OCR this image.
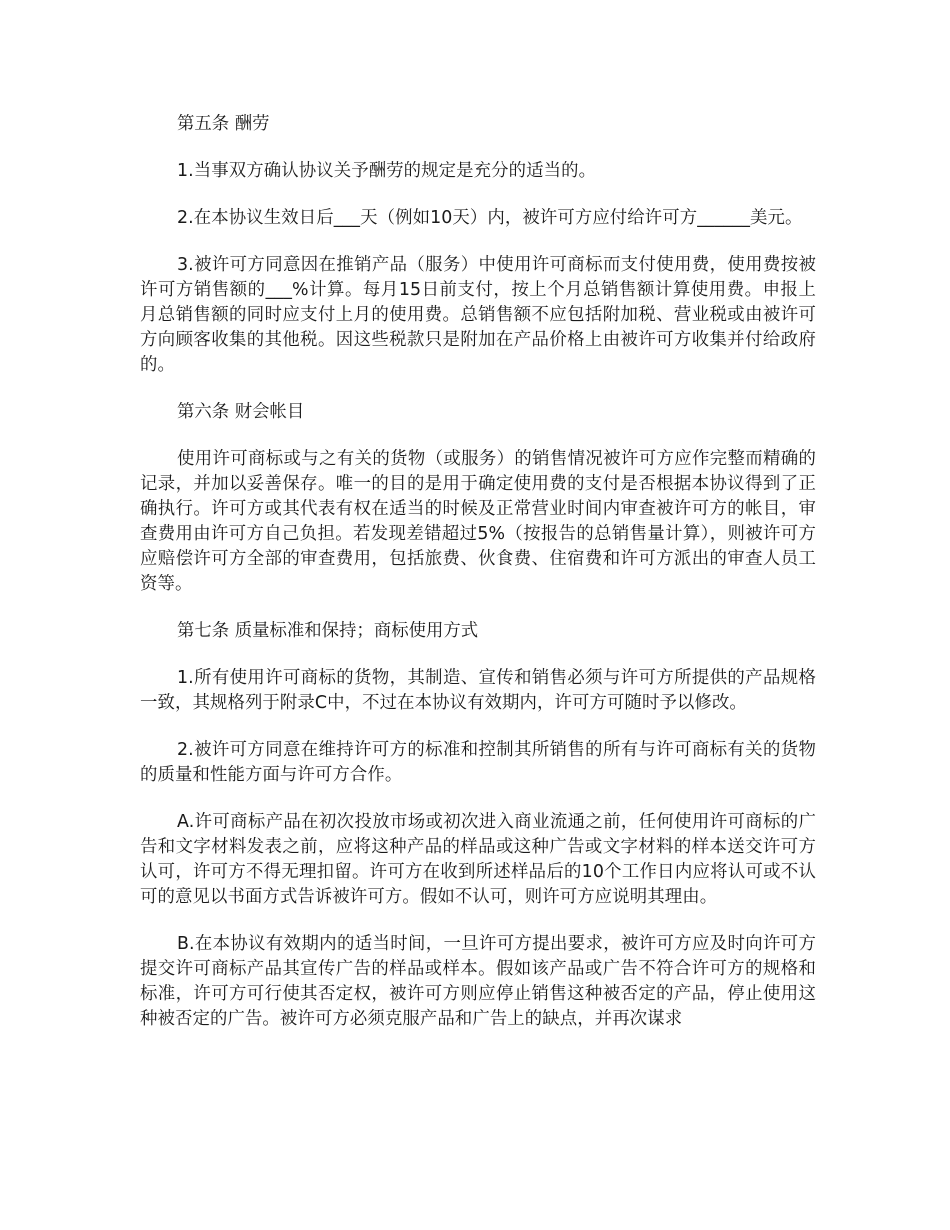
第五条 酬劳
1.当事双方确认协议关予酬劳的规定是充分的适当的。
2.在本协议生效日后___天（例如10天）内，被许可方应付给许可方______美元。
3.被许可方同意因在推销产品（服务）中使用许可商标而支付使用费，使用费按被许可方销售额的___%计算。每月15日前支付，按上个月总销售额计算使用费。申报上月总销售额的同时应支付上月的使用费。总销售额不应包括附加税、营业税或由被许可方向顾客收集的其他税。因这些税款只是附加在产品价格上由被许可方收集并付给政府的。
第六条 财会帐目
使用许可商标或与之有关的货物（或服务）的销售情况被许可方应作完整而精确的记录，并加以妥善保存。唯一的目的是用于确定使用费的支付是否根据本协议得到了正确执行。许可方或其代表有权在适当的时候及正常营业时间内审查被许可方的帐目，审查费用由许可方自己负担。若发现差错超过5%（按报告的总销售量计算），则被许可方应赔偿许可方全部的审查费用，包括旅费、伙食费、住宿费和许可方派出的审查人员工资等。
第七条 质量标准和保持；商标使用方式
1.所有使用许可商标的货物，其制造、宣传和销售必须与许可方所提供的产品规格一致，其规格列于附录C中，不过在本协议有效期内，许可方可随时予以修改。
2.被许可方同意在维持许可方的标准和控制其所销售的所有与许可商标有关的货物的质量和性能方面与许可方合作。
A.许可商标产品在初次投放市场或初次进入商业流通之前，任何使用许可商标的广告和文字材料发表之前，应将这种产品的样品或这种广告或文字材料的样本送交许可方认可，许可方不得无理扣留。许可方在收到所述样品后的10个工作日内应将认可或不认可的意见以书面方式告诉被许可方。假如不认可，则许可方应说明其理由。
B.在本协议有效期内的适当时间，一旦许可方提出要求，被许可方应及时向许可方提交许可商标产品其宣传广告的样品或样本。假如该产品或广告不符合许可方的规格和标准，许可方可行使其否定权，被许可方则应停止销售这种被否定的产品，停止使用这种被否定的广告。被许可方必须克服产品和广告上的缺点，并再次谋求
